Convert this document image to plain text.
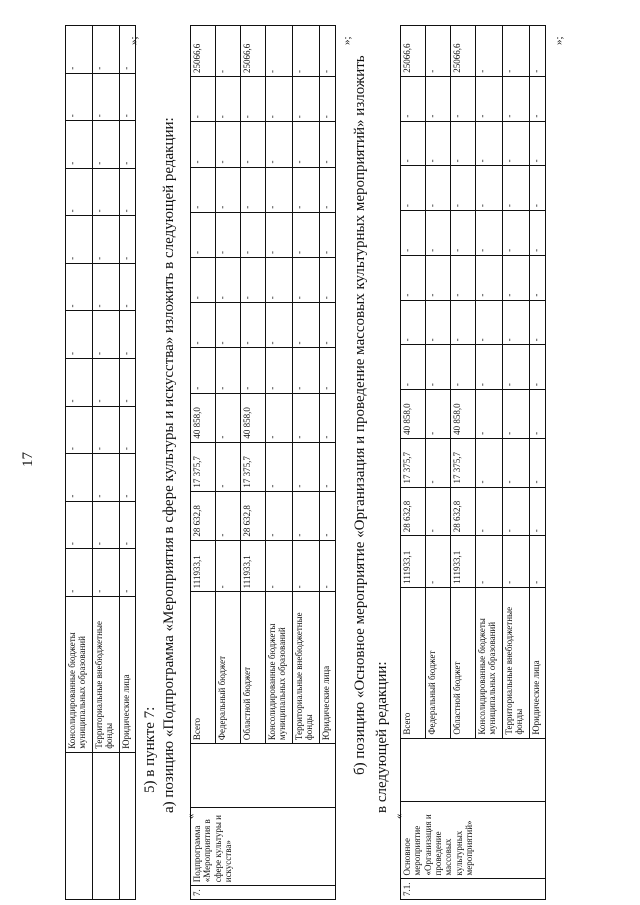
17
	Консолидированные бюджеты муниципальных образований	-	-	-	-	-	-	-	-	-	-	-	-
	Территориальные внебюджетные фонды	-	-	-	-	-	-	-	-	-	-	-	-
	Юридические лица	-	-	-	-	-	-	-	-	-	-	-	-
»;
5) в пункте 7: а) позицию «Подпрограмма «Мероприятия в сфере культуры и искусства» изложить в следующей редакции:
«
7.	Подпрограмма «Мероприятия в сфере культуры и искусства»		Всего	111933,1	28 632,8	17 375,7	40 858,0	-	-	-	-	-	-	-	25066,6
			Федеральный бюджет	-	-	-	-	-	-	-	-	-	-	-	-
			Областной бюджет	111933,1	28 632,8	17 375,7	40 858,0	-	-	-	-	-	-	-	25066,6
			Консолидированные бюджеты муниципальных образований	-	-	-	-	-	-	-	-	-	-	-	-
			Территориальные внебюджетные фонды	-	-	-	-	-	-	-	-	-	-	-	-
			Юридические лица	-	-	-	-	-	-	-	-	-	-	-	-
»;
б) позицию «Основное мероприятие «Организация и проведение массовых культурных мероприятий» изложить в следующей редакции:
«
7.1.	Основное мероприятие «Организация и проведение массовых культурных мероприятий»		Всего	111933,1	28 632,8	17 375,7	40 858,0	-	-	-	-	-	-	-	25066,6
			Федеральный бюджет	-	-	-	-	-	-	-	-	-	-	-	-
			Областной бюджет	111933,1	28 632,8	17 375,7	40 858,0	-	-	-	-	-	-	-	25066,6
			Консолидированные бюджеты муниципальных образований	-	-	-	-	-	-	-	-	-	-	-	-
			Территориальные внебюджетные фонды	-	-	-	-	-	-	-	-	-	-	-	-
			Юридические лица	-	-	-	-	-	-	-	-	-	-	-	-
»;
